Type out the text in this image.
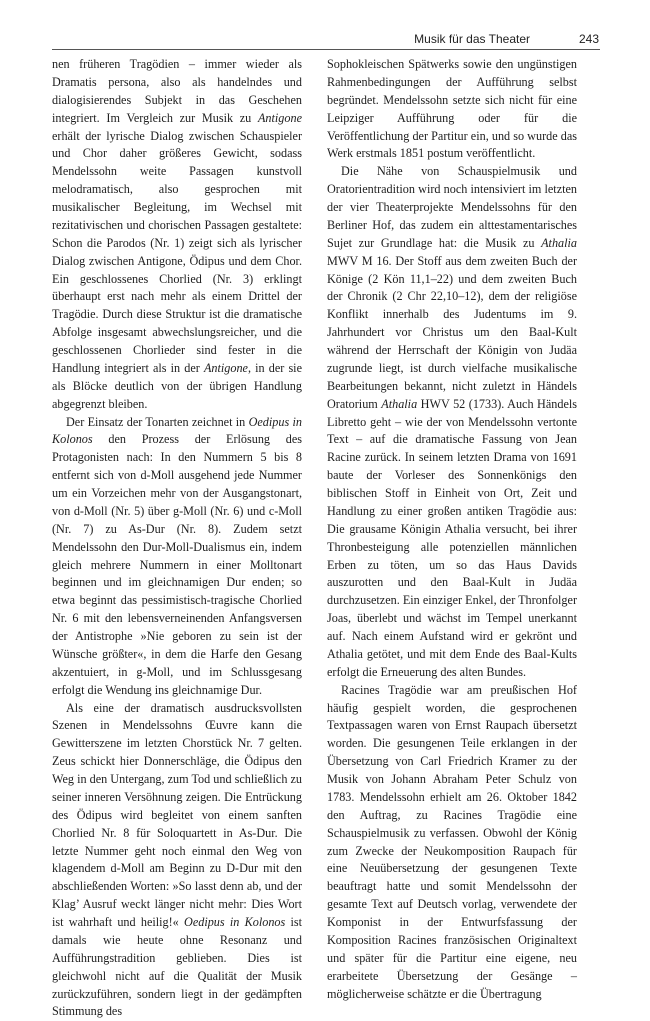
Musik für das Theater	243

nen früheren Tragödien – immer wieder als Dramatis persona, also als handelndes und dialogisierendes Subjekt in das Geschehen integriert. Im Vergleich zur Musik zu Antigone erhält der lyrische Dialog zwischen Schauspieler und Chor daher größeres Gewicht, sodass Mendelssohn weite Passagen kunstvoll melodramatisch, also gesprochen mit musikalischer Begleitung, im Wechsel mit rezitativischen und chorischen Passagen gestaltete: Schon die Parodos (Nr. 1) zeigt sich als lyrischer Dialog zwischen Antigone, Ödipus und dem Chor. Ein geschlossenes Chorlied (Nr. 3) erklingt überhaupt erst nach mehr als einem Drittel der Tragödie. Durch diese Struktur ist die dramatische Abfolge insgesamt abwechslungsreicher, und die geschlossenen Chorlieder sind fester in die Handlung integriert als in der Antigone, in der sie als Blöcke deutlich von der übrigen Handlung abgegrenzt bleiben.

Der Einsatz der Tonarten zeichnet in Oedipus in Kolonos den Prozess der Erlösung des Protagonisten nach: In den Nummern 5 bis 8 entfernt sich von d-Moll ausgehend jede Nummer um ein Vorzeichen mehr von der Ausgangstonart, von d-Moll (Nr. 5) über g-Moll (Nr. 6) und c-Moll (Nr. 7) zu As-Dur (Nr. 8). Zudem setzt Mendelssohn den Dur-Moll-Dualismus ein, indem gleich mehrere Nummern in einer Molltonart beginnen und im gleichnamigen Dur enden; so etwa beginnt das pessimistisch-tragische Chorlied Nr. 6 mit den lebensverneinenden Anfangsversen der Antistrophe »Nie geboren zu sein ist der Wünsche größter«, in dem die Harfe den Gesang akzentuiert, in g-Moll, und im Schlussgesang erfolgt die Wendung ins gleichnamige Dur.

Als eine der dramatisch ausdrucksvollsten Szenen in Mendelssohns Œuvre kann die Gewitterszene im letzten Chorstück Nr. 7 gelten. Zeus schickt hier Donnerschläge, die Ödipus den Weg in den Untergang, zum Tod und schließlich zu seiner inneren Versöhnung zeigen. Die Entrückung des Ödipus wird begleitet von einem sanften Chorlied Nr. 8 für Soloquartett in As-Dur. Die letzte Nummer geht noch einmal den Weg von klagendem d-Moll am Beginn zu D-Dur mit den abschließenden Worten: »So lasst denn ab, und der Klag’ Ausruf weckt länger nicht mehr: Dies Wort ist wahrhaft und heilig!« Oedipus in Kolonos ist damals wie heute ohne Resonanz und Aufführungstradition geblieben. Dies ist gleichwohl nicht auf die Qualität der Musik zurückzuführen, sondern liegt in der gedämpften Stimmung des

Sophokleischen Spätwerks sowie den ungünstigen Rahmenbedingungen der Aufführung selbst begründet. Mendelssohn setzte sich nicht für eine Leipziger Aufführung oder für die Veröffentlichung der Partitur ein, und so wurde das Werk erstmals 1851 postum veröffentlicht.

Die Nähe von Schauspielmusik und Oratorientradition wird noch intensiviert im letzten der vier Theaterprojekte Mendelssohns für den Berliner Hof, das zudem ein alttestamentarisches Sujet zur Grundlage hat: die Musik zu Athalia MWV M 16. Der Stoff aus dem zweiten Buch der Könige (2 Kön 11,1–22) und dem zweiten Buch der Chronik (2 Chr 22,10–12), dem der religiöse Konflikt innerhalb des Judentums im 9. Jahrhundert vor Christus um den Baal-Kult während der Herrschaft der Königin von Judäa zugrunde liegt, ist durch vielfache musikalische Bearbeitungen bekannt, nicht zuletzt in Händels Oratorium Athalia HWV 52 (1733). Auch Händels Libretto geht – wie der von Mendelssohn vertonte Text – auf die dramatische Fassung von Jean Racine zurück. In seinem letzten Drama von 1691 baute der Vorleser des Sonnenkönigs den biblischen Stoff in Einheit von Ort, Zeit und Handlung zu einer großen antiken Tragödie aus: Die grausame Königin Athalia versucht, bei ihrer Thronbesteigung alle potenziellen männlichen Erben zu töten, um so das Haus Davids auszurotten und den Baal-Kult in Judäa durchzusetzen. Ein einziger Enkel, der Thronfolger Joas, überlebt und wächst im Tempel unerkannt auf. Nach einem Aufstand wird er gekrönt und Athalia getötet, und mit dem Ende des Baal-Kults erfolgt die Erneuerung des alten Bundes.

Racines Tragödie war am preußischen Hof häufig gespielt worden, die gesprochenen Textpassagen waren von Ernst Raupach übersetzt worden. Die gesungenen Teile erklangen in der Übersetzung von Carl Friedrich Kramer zu der Musik von Johann Abraham Peter Schulz von 1783. Mendelssohn erhielt am 26. Oktober 1842 den Auftrag, zu Racines Tragödie eine Schauspielmusik zu verfassen. Obwohl der König zum Zwecke der Neukomposition Raupach für eine Neuübersetzung der gesungenen Texte beauftragt hatte und somit Mendelssohn der gesamte Text auf Deutsch vorlag, verwendete der Komponist in der Entwurfsfassung der Komposition Racines französischen Originaltext und später für die Partitur eine eigene, neu erarbeitete Übersetzung der Gesänge – möglicherweise schätzte er die Übertragung
